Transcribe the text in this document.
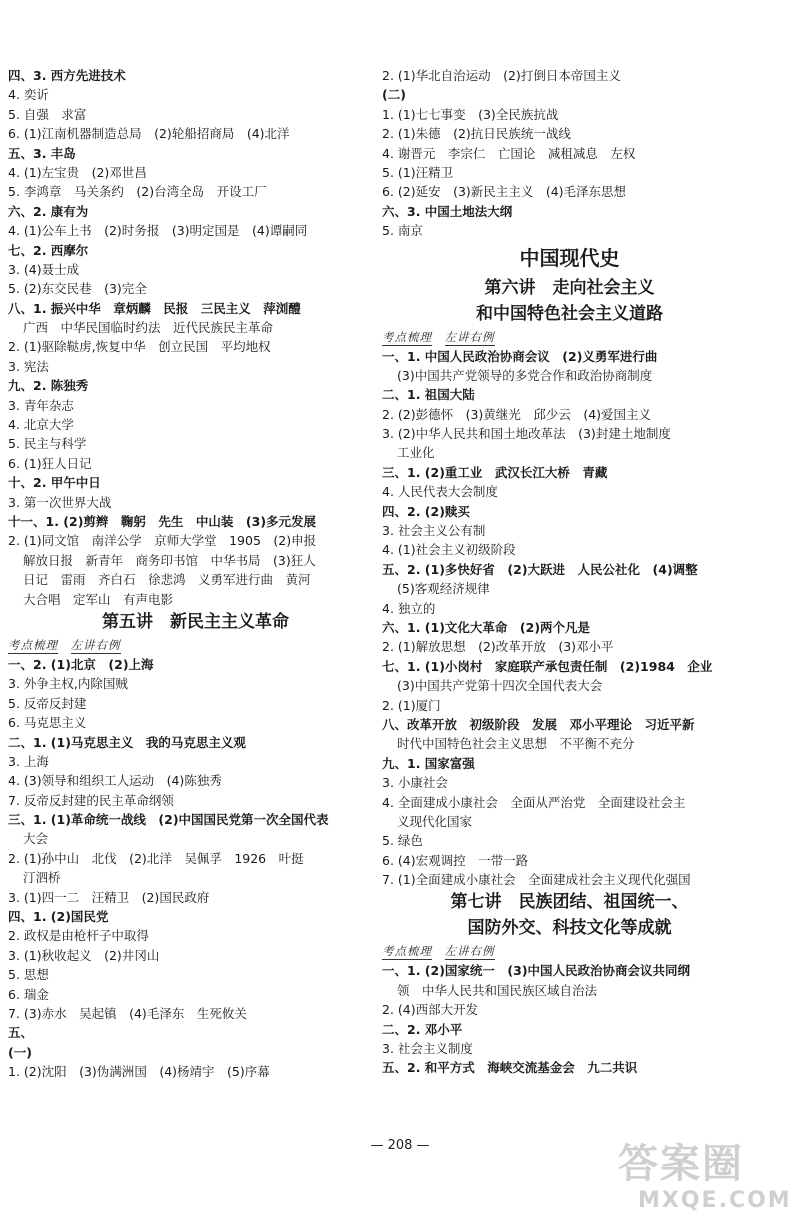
四、3. 西方先进技术
4. 奕䜣
5. 自强　求富
6. (1)江南机器制造总局　(2)轮船招商局　(4)北洋
五、3. 丰岛
4. (1)左宝贵　(2)邓世昌
5. 李鸿章　马关条约　(2)台湾全岛　开设工厂
六、2. 康有为
4. (1)公车上书　(2)时务报　(3)明定国是　(4)谭嗣同
七、2. 西摩尔
3. (4)聂士成
5. (2)东交民巷　(3)完全
八、1. 振兴中华　章炳麟　民报　三民主义　萍浏醴
广西　中华民国临时约法　近代民族民主革命
2. (1)驱除鞑虏,恢复中华　创立民国　平均地权
3. 宪法
九、2. 陈独秀
3. 青年杂志
4. 北京大学
5. 民主与科学
6. (1)狂人日记
十、2. 甲午中日
3. 第一次世界大战
十一、1. (2)剪辫　鞠躬　先生　中山装　(3)多元发展
2. (1)同文馆　南洋公学　京师大学堂　1905　(2)申报
解放日报　新青年　商务印书馆　中华书局　(3)狂人
日记　雷雨　齐白石　徐悲鸿　义勇军进行曲　黄河
大合唱　定军山　有声电影
第五讲　新民主主义革命
考点梳理　 左讲右例
一、2. (1)北京　(2)上海
3. 外争主权,内除国贼
5. 反帝反封建
6. 马克思主义
二、1. (1)马克思主义　我的马克思主义观
3. 上海
4. (3)领导和组织工人运动　(4)陈独秀
7. 反帝反封建的民主革命纲领
三、1. (1)革命统一战线　(2)中国国民党第一次全国代表
大会
2. (1)孙中山　北伐　(2)北洋　吴佩孚　1926　叶挺
汀泗桥
3. (1)四一二　汪精卫　(2)国民政府
四、1. (2)国民党
2. 政权是由枪杆子中取得
3. (1)秋收起义　(2)井冈山
5. 思想
6. 瑞金
7. (3)赤水　吴起镇　(4)毛泽东　生死攸关
五、
(一)
1. (2)沈阳　(3)伪满洲国　(4)杨靖宇　(5)序幕
2. (1)华北自治运动　(2)打倒日本帝国主义
(二)
1. (1)七七事变　(3)全民族抗战
2. (1)朱德　(2)抗日民族统一战线
4. 谢晋元　李宗仁　亡国论　减租减息　左权
5. (1)汪精卫
6. (2)延安　(3)新民主主义　(4)毛泽东思想
六、3. 中国土地法大纲
5. 南京
中国现代史
第六讲　走向社会主义
和中国特色社会主义道路
考点梳理　 左讲右例
一、1. 中国人民政治协商会议　(2)义勇军进行曲
(3)中国共产党领导的多党合作和政治协商制度
二、1. 祖国大陆
2. (2)彭德怀　(3)黄继光　邱少云　(4)爱国主义
3. (2)中华人民共和国土地改革法　(3)封建土地制度
工业化
三、1. (2)重工业　武汉长江大桥　青藏
4. 人民代表大会制度
四、2. (2)赎买
3. 社会主义公有制
4. (1)社会主义初级阶段
五、2. (1)多快好省　(2)大跃进　人民公社化　(4)调整
(5)客观经济规律
4. 独立的
六、1. (1)文化大革命　(2)两个凡是
2. (1)解放思想　(2)改革开放　(3)邓小平
七、1. (1)小岗村　家庭联产承包责任制　(2)1984　企业
(3)中国共产党第十四次全国代表大会
2. (1)厦门
八、改革开放　初级阶段　发展　邓小平理论　习近平新
时代中国特色社会主义思想　不平衡不充分
九、1. 国家富强
3. 小康社会
4. 全面建成小康社会　全面从严治党　全面建设社会主
义现代化国家
5. 绿色
6. (4)宏观调控　一带一路
7. (1)全面建成小康社会　全面建成社会主义现代化强国
第七讲　民族团结、祖国统一、
国防外交、科技文化等成就
考点梳理　 左讲右例
一、1. (2)国家统一　(3)中国人民政治协商会议共同纲
领　中华人民共和国民族区域自治法
2. (4)西部大开发
二、2. 邓小平
3. 社会主义制度
五、2. 和平方式　海峡交流基金会　九二共识
— 208 —	答案圈
MXQE.COM
